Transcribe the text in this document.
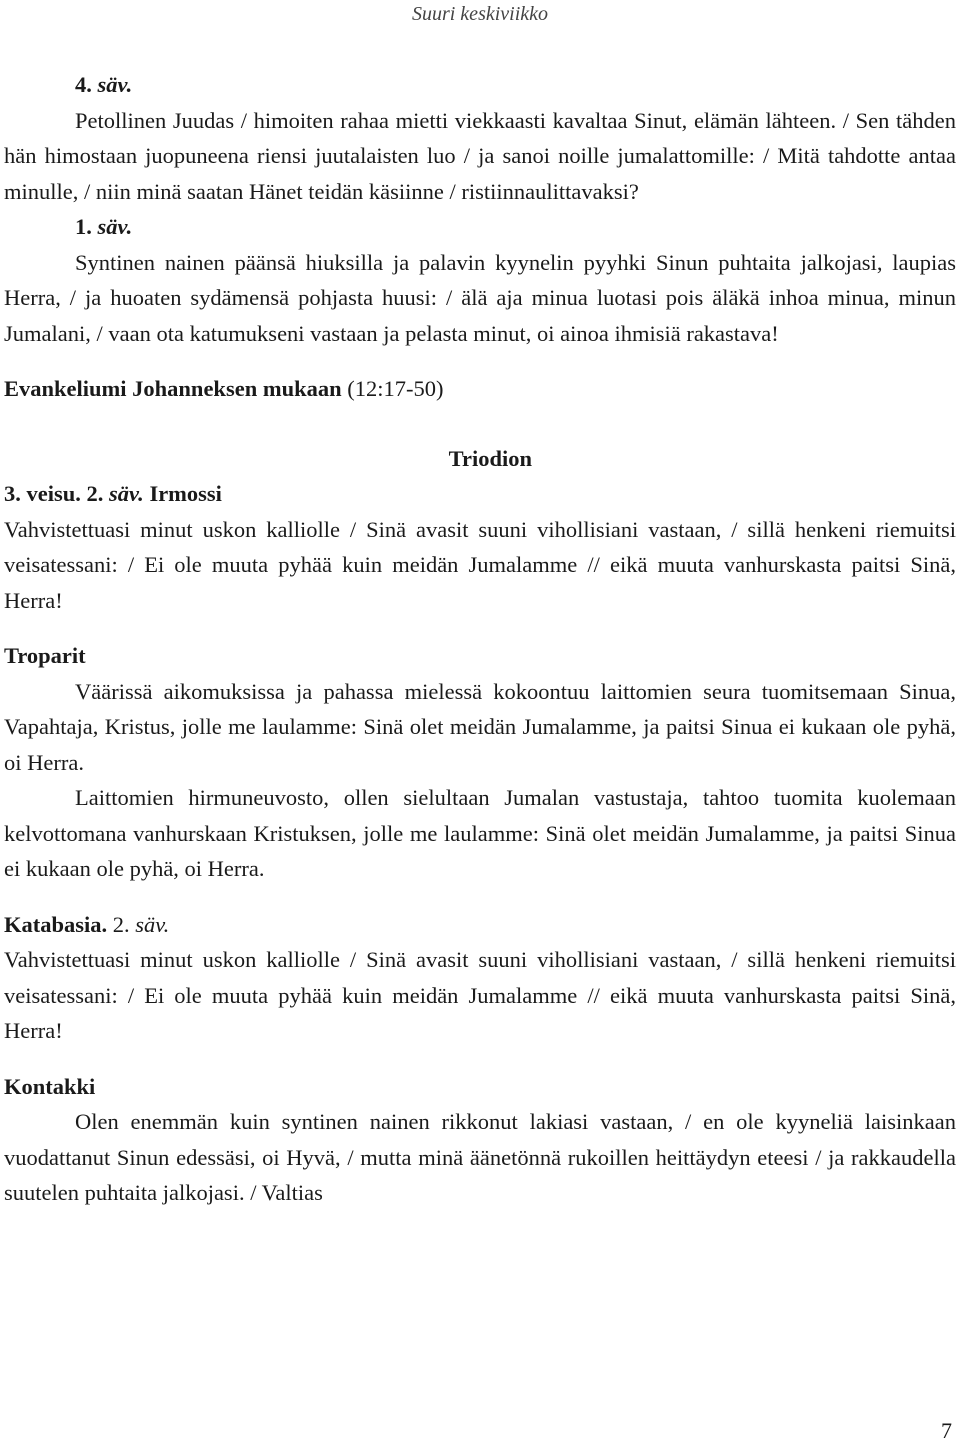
Suuri keskiviikko
4. säv.

Petollinen Juudas / himoiten rahaa mietti viekkaasti kavaltaa Sinut, elämän lähteen. / Sen tähden hän himostaan juopuneena riensi juutalaisten luo / ja sanoi noille jumalattomille: / Mitä tahdotte antaa minulle, / niin minä saatan Hänet teidän käsiinne / ristiinnaulittavaksi?

1. säv.

Syntinen nainen päänsä hiuksilla ja palavin kyynelin pyyhki Sinun puhtaita jalkojasi, laupias Herra, / ja huoaten sydämensä pohjasta huusi: / älä aja minua luotasi pois äläkä inhoa minua, minun Jumalani, / vaan ota katumukseni vastaan ja pelasta minut, oi ainoa ihmisiä rakastava!

Evankeliumi Johanneksen mukaan (12:17-50)

Triodion

3. veisu. 2. säv. Irmossi

Vahvistettuasi minut uskon kalliolle / Sinä avasit suuni vihollisiani vastaan, / sillä henkeni riemuitsi veisatessani: / Ei ole muuta pyhää kuin meidän Jumalamme // eikä muuta vanhurskasta paitsi Sinä, Herra!

Troparit

Väärissä aikomuksissa ja pahassa mielessä kokoontuu laittomien seura tuomitsemaan Sinua, Vapahtaja, Kristus, jolle me laulamme: Sinä olet meidän Jumalamme, ja paitsi Sinua ei kukaan ole pyhä, oi Herra.

Laittomien hirmuneuvosto, ollen sielultaan Jumalan vastustaja, tahtoo tuomita kuolemaan kelvottomana vanhurskaan Kristuksen, jolle me laulamme: Sinä olet meidän Jumalamme, ja paitsi Sinua ei kukaan ole pyhä, oi Herra.

Katabasia. 2. säv.

Vahvistettuasi minut uskon kalliolle / Sinä avasit suuni vihollisiani vastaan, / sillä henkeni riemuitsi veisatessani: / Ei ole muuta pyhää kuin meidän Jumalamme // eikä muuta vanhurskasta paitsi Sinä, Herra!

Kontakki

Olen enemmän kuin syntinen nainen rikkonut lakiasi vastaan, / en ole kyyneliä laisinkaan vuodattanut Sinun edessäsi, oi Hyvä, / mutta minä äänetönnä rukoillen heittäydyn eteesi / ja rakkaudella suutelen puhtaita jalkojasi. / Valtias

7
